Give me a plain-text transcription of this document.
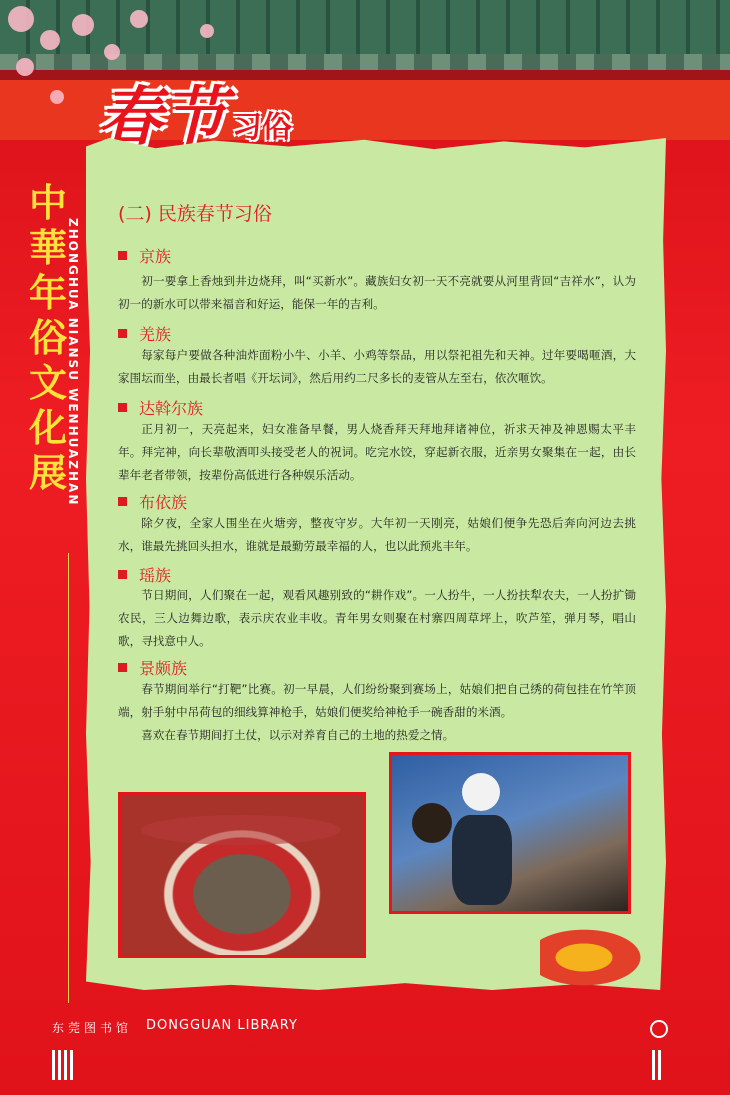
春节 习俗
中華年俗文化展 ZHONGHUA NIANSU WENHUAZHAN
(二) 民族春节习俗
京族
初一要拿上香烛到井边烧拜，叫“买新水”。藏族妇女初一天不亮就要从河里背回“吉祥水”，认为初一的新水可以带来福音和好运，能保一年的吉利。
羌族
每家每户要做各种油炸面粉小牛、小羊、小鸡等祭品，用以祭祀祖先和天神。过年要喝咂酒，大家围坛而坐，由最长者唱《开坛词》，然后用约二尺多长的麦管从左至右，依次咂饮。
达斡尔族
正月初一，天亮起来，妇女准备早餐，男人烧香拜天拜地拜诸神位，祈求天神及神恩赐太平丰年。拜完神，向长辈敬酒叩头接受老人的祝词。吃完水饺，穿起新衣服，近亲男女聚集在一起，由长辈年老者带领，按辈份高低进行各种娱乐活动。
布依族
除夕夜，全家人围坐在火塘旁，整夜守岁。大年初一天刚亮，姑娘们便争先恐后奔向河边去挑水，谁最先挑回头担水，谁就是最勤劳最幸福的人，也以此预兆丰年。
瑶族
节日期间，人们聚在一起，观看风趣别致的“耕作戏”。一人扮牛，一人扮扶犁农夫，一人扮扩锄农民，三人边舞边歌，表示庆农业丰收。青年男女则聚在村寨四周草坪上，吹芦笙，弹月琴，唱山歌，寻找意中人。
景颇族
春节期间举行“打靶”比赛。初一早晨，人们纷纷聚到赛场上，姑娘们把自己绣的荷包挂在竹竿顶端，射手射中吊荷包的细线算神枪手，姑娘们便奖给神枪手一碗香甜的米酒。
喜欢在春节期间打土仗，以示对养育自己的土地的热爱之情。
东莞图书馆 DONGGUAN LIBRARY
